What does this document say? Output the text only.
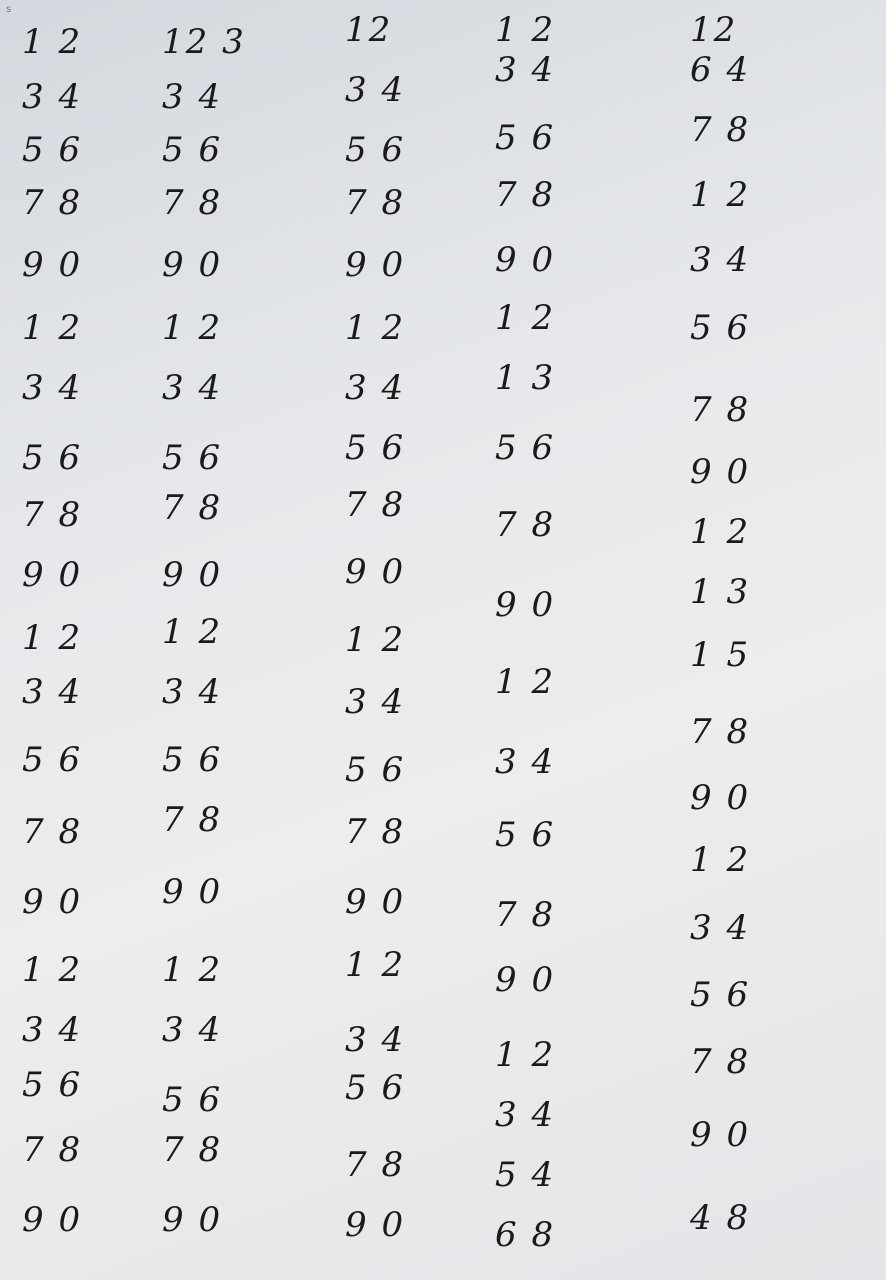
s
1 2
3 4
5 6
7 8
9 0
1 2
3 4
5 6
7 8
9 0
1 2
3 4
5 6
7 8
9 0
1 2
3 4
5 6
7 8
9 0
12 3
3 4
5 6
7 8
9 0
1 2
3 4
5 6
7 8
9 0
1 2
3 4
5 6
7 8
9 0
1 2
3 4
5 6
7 8
9 0
12
3 4
5 6
7 8
9 0
1 2
3 4
5 6
7 8
9 0
1 2
3 4
5 6
7 8
9 0
1 2
3 4
5 6
7 8
9 0
1 2
3 4
5 6
7 8
9 0
1 2
1 3
5 6
7 8
9 0
1 2
3 4
5 6
7 8
9 0
1 2
3 4
5 4
6 8
12
6 4
7 8
1 2
3 4
5 6
7 8
9 0
1 2
1 3
1 5
7 8
9 0
1 2
3 4
5 6
7 8
9 0
4 8
